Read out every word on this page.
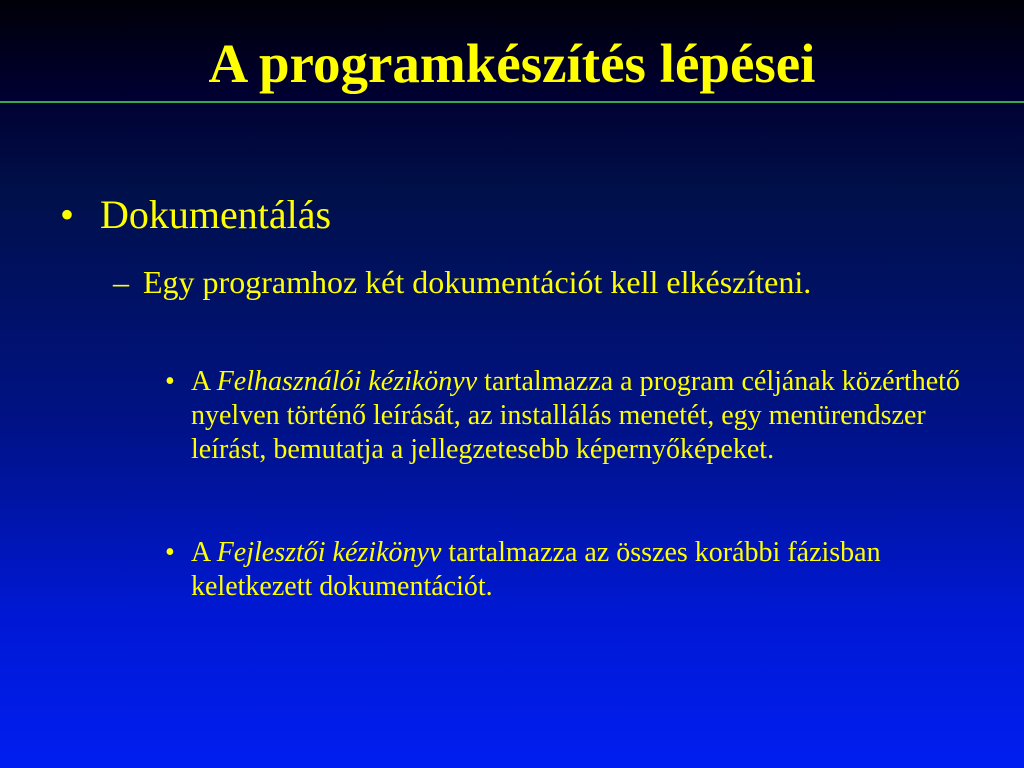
A programkészítés lépései
• Dokumentálás
– Egy programhoz két dokumentációt kell elkészíteni.
• A Felhasználói kézikönyv tartalmazza a program céljának közérthető nyelven történő leírását, az installálás menetét, egy menürendszer leírást, bemutatja a jellegzetesebb képernyőképeket.
• A Fejlesztői kézikönyv tartalmazza az összes korábbi fázisban keletkezett dokumentációt.
